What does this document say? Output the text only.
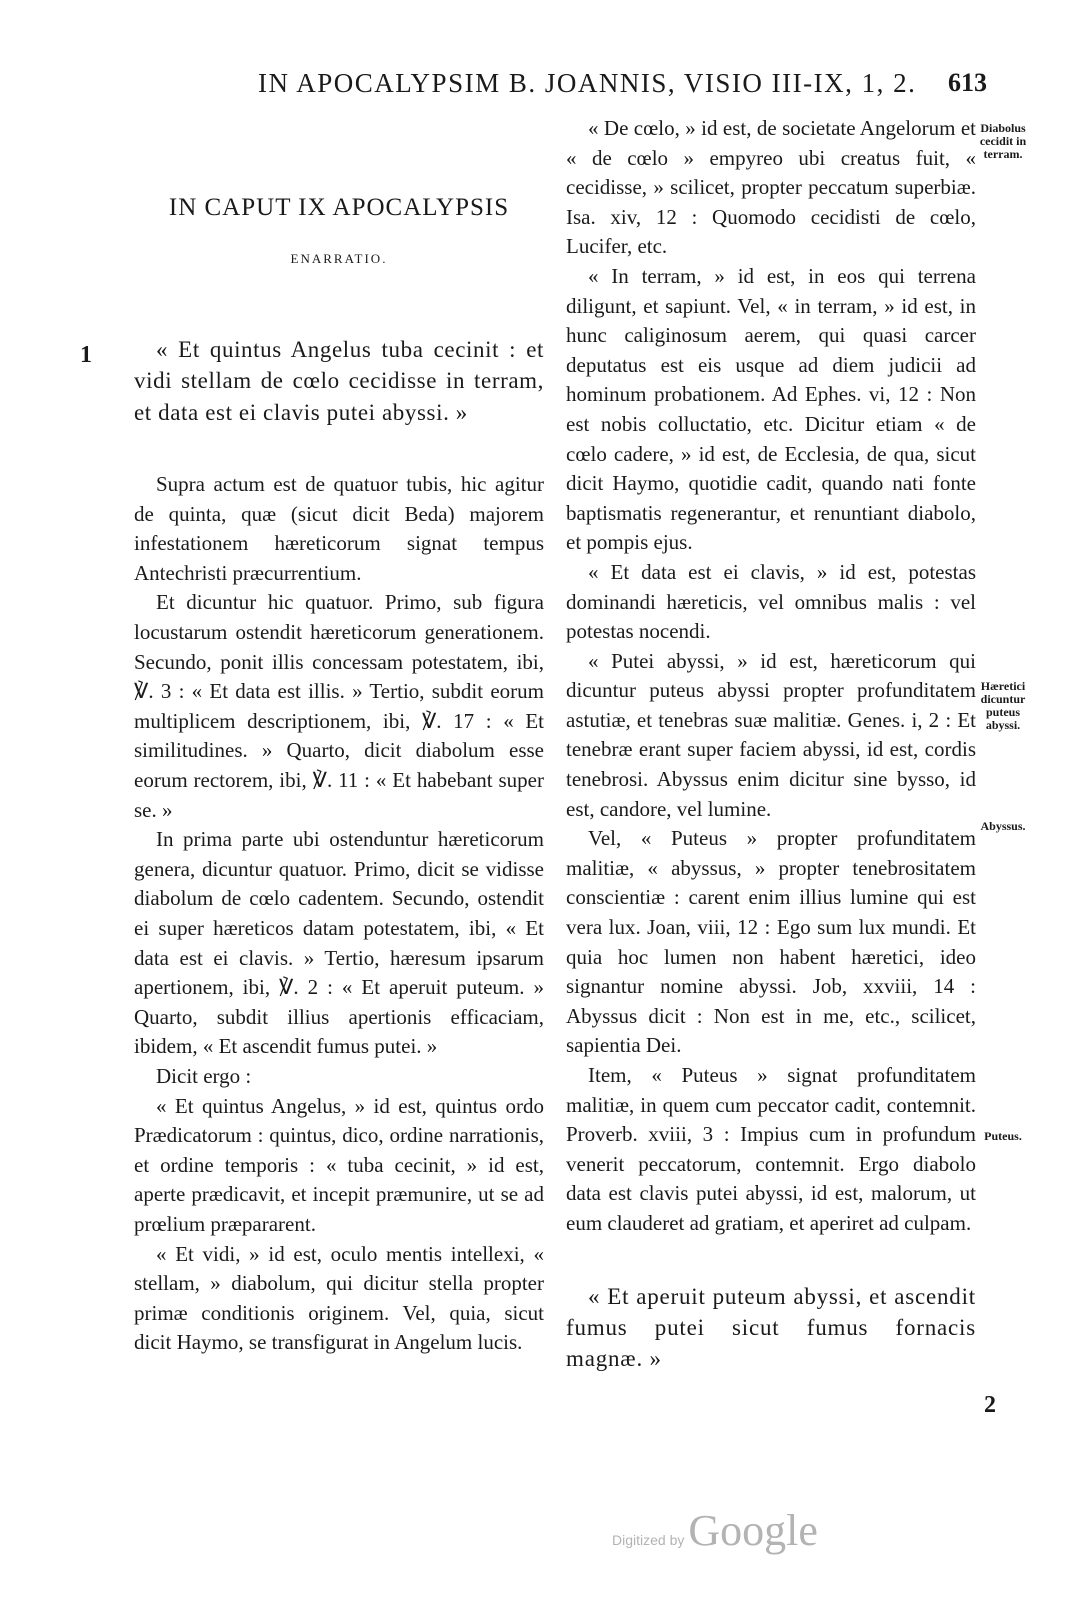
IN APOCALYPSIM B. JOANNIS, VISIO III-IX, 1, 2. 613
IN CAPUT IX APOCALYPSIS
ENARRATIO.
« Et quintus Angelus tuba cecinit : et vidi stellam de cœlo cecidisse in terram, et data est ei clavis putei abyssi. »

Supra actum est de quatuor tubis, hic agitur de quinta, quæ (sicut dicit Beda) majorem infestationem hæreticorum signat tempus Antechristi præcurrentium.

Et dicuntur hic quatuor. Primo, sub figura locustarum ostendit hæreticorum generationem. Secundo, ponit illis concessam potestatem, ibi, ℣. 3 : « Et data est illis. » Tertio, subdit eorum multiplicem descriptionem, ibi, ℣. 17 : « Et similitudines. » Quarto, dicit diabolum esse eorum rectorem, ibi, ℣. 11 : « Et habebant super se. »

In prima parte ubi ostenduntur hæreticorum genera, dicuntur quatuor. Primo, dicit se vidisse diabolum de cœlo cadentem. Secundo, ostendit ei super hæreticos datam potestatem, ibi, « Et data est ei clavis. » Tertio, hæresum ipsarum apertionem, ibi, ℣. 2 : « Et aperuit puteum. » Quarto, subdit illius apertionis efficaciam, ibidem, « Et ascendit fumus putei. »

Dicit ergo :

« Et quintus Angelus, » id est, quintus ordo Prædicatorum : quintus, dico, ordine narrationis, et ordine temporis : « tuba cecinit, » id est, aperte prædicavit, et incepit præmunire, ut se ad prœlium præpararent.

« Et vidi, » id est, oculo mentis intellexi, « stellam, » diabolum, qui dicitur stella propter primæ conditionis originem. Vel, quia, sicut dicit Haymo, se transfigurat in Angelum lucis.

1

« De cœlo, » id est, de societate Angelorum et « de cœlo » empyreo ubi creatus fuit, « cecidisse, » scilicet, propter peccatum superbiæ. Isa. xiv, 12 : Quomodo cecidisti de cœlo, Lucifer, etc.

« In terram, » id est, in eos qui terrena diligunt, et sapiunt. Vel, « in terram, » id est, in hunc caliginosum aerem, qui quasi carcer deputatus est eis usque ad diem judicii ad hominum probationem. Ad Ephes. vi, 12 : Non est nobis colluctatio, etc. Dicitur etiam « de cœlo cadere, » id est, de Ecclesia, de qua, sicut dicit Haymo, quotidie cadit, quando nati fonte baptismatis regenerantur, et renuntiant diabolo, et pompis ejus.

« Et data est ei clavis, » id est, potestas dominandi hæreticis, vel omnibus malis : vel potestas nocendi.

« Putei abyssi, » id est, hæreticorum qui dicuntur puteus abyssi propter profunditatem astutiæ, et tenebras suæ malitiæ. Genes. i, 2 : Et tenebræ erant super faciem abyssi, id est, cordis tenebrosi. Abyssus enim dicitur sine bysso, id est, candore, vel lumine.

Vel, « Puteus » propter profunditatem malitiæ, « abyssus, » propter tenebrositatem conscientiæ : carent enim illius lumine qui est vera lux. Joan, viii, 12 : Ego sum lux mundi. Et quia hoc lumen non habent hæretici, ideo signantur nomine abyssi. Job, xxviii, 14 : Abyssus dicit : Non est in me, etc., scilicet, sapientia Dei.

Item, « Puteus » signat profunditatem malitiæ, in quem cum peccator cadit, contemnit. Proverb. xviii, 3 : Impius cum in profundum venerit peccatorum, contemnit. Ergo diabolo data est clavis putei abyssi, id est, malorum, ut eum clauderet ad gratiam, et aperiret ad culpam.

« Et aperuit puteum abyssi, et ascendit fumus putei sicut fumus fornacis magnæ. »

2
Diabolus cecidit in terram.
Hæretici dicuntur puteus abyssi.
Abyssus.
Puteus.
Digitized by Google
